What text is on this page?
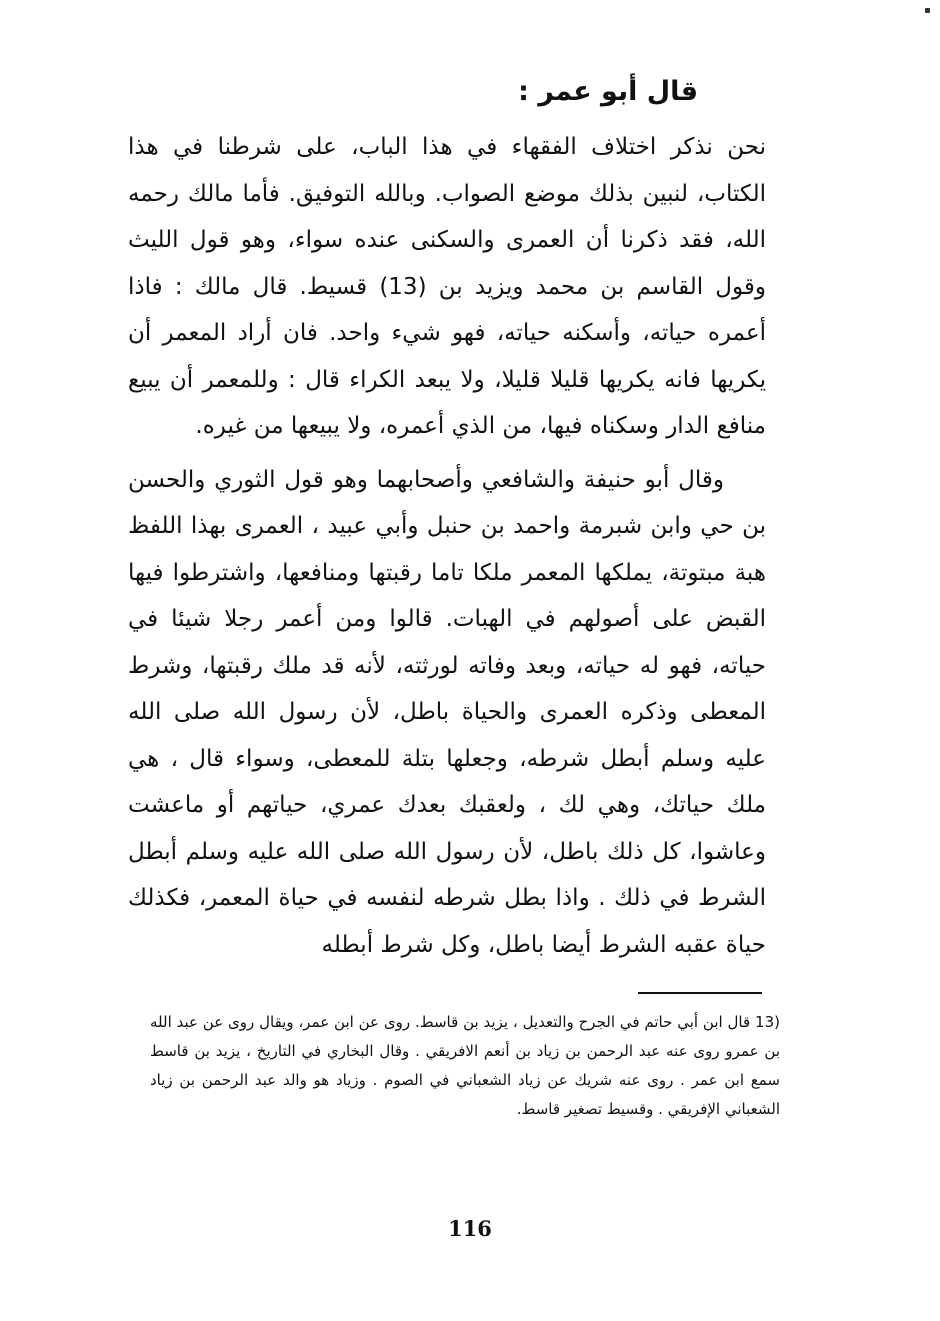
قال أبو عمر :

نحن نذكر اختلاف الفقهاء في هذا الباب، على شرطنا في هذا الكتاب، لنبين بذلك موضع الصواب. وبالله التوفيق. فأما مالك رحمه الله، فقد ذكرنا أن العمرى والسكنى عنده سواء، وهو قول الليث وقول القاسم بن محمد ويزيد بن (13) قسيط. قال مالك : فاذا أعمره حياته، وأسكنه حياته، فهو شيء واحد. فان أراد المعمر أن يكريها فانه يكريها قليلا قليلا، ولا يبعد الكراء قال : وللمعمر أن يبيع منافع الدار وسكناه فيها، من الذي أعمره، ولا يبيعها من غيره.

وقال أبو حنيفة والشافعي وأصحابهما وهو قول الثوري والحسن بن حي وابن شبرمة واحمد بن حنبل وأبي عبيد ، العمرى بهذا اللفظ هبة مبتوتة، يملكها المعمر ملكا تاما رقبتها ومنافعها، واشترطوا فيها القبض على أصولهم في الهبات. قالوا ومن أعمر رجلا شيئا في حياته، فهو له حياته، وبعد وفاته لورثته، لأنه قد ملك رقبتها، وشرط المعطى وذكره العمرى والحياة باطل، لأن رسول الله صلى الله عليه وسلم أبطل شرطه، وجعلها بتلة للمعطى، وسواء قال ، هي ملك حياتك، وهي لك ، ولعقبك بعدك عمري، حياتهم أو ماعشت وعاشوا، كل ذلك باطل، لأن رسول الله صلى الله عليه وسلم أبطل الشرط في ذلك . واذا بطل شرطه لنفسه في حياة المعمر، فكذلك حياة عقبه الشرط أيضا باطل، وكل شرط أبطله

(13 قال ابن أبي حاتم في الجرح والتعديل ، يزيد بن قاسط. روى عن ابن عمر، ويقال روى عن عبد الله بن عمرو روى عنه عبد الرحمن بن زياد بن أنعم الافريقي . وقال البخاري في التاريخ ، يزيد بن قاسط سمع ابن عمر . روى عنه شريك عن زياد الشعباني في الصوم . وزياد هو والد عبد الرحمن بن زياد الشعباني الإفريقي . وقسيط تصغير قاسط.
116
